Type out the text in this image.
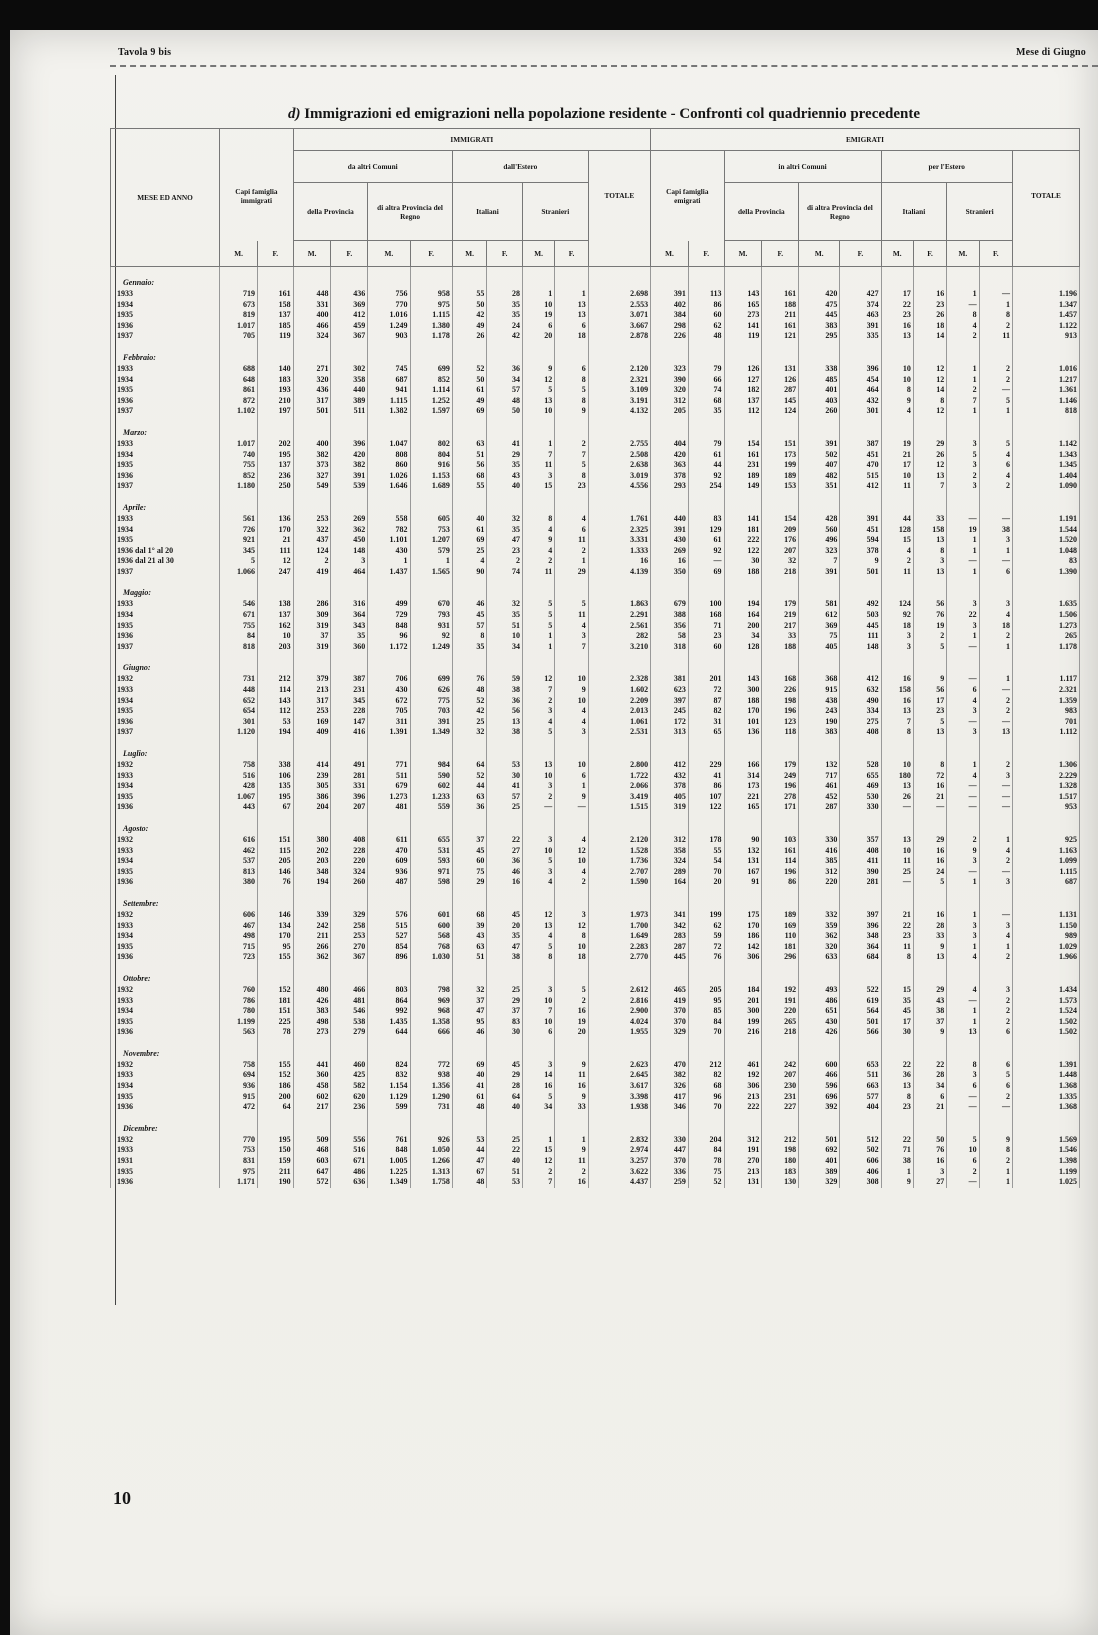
Tavola 9 bis	Mese di Giugno
d) Immigrazioni ed emigrazioni nella popolazione residente - Confronti col quadriennio precedente
MESE ED ANNO			IMMIGRATI									EMIGRATI										
	Capi famiglia immigrati		da altri Comuni				dall'Estero				TOTALE	Capi famiglia emigrati		in altri Comuni				per l'Estero				TOTALE
			della Provincia		di altra Provincia del Regno		Italiani		Stranieri					della Provincia		di altra Provincia del Regno		Italiani		Stranieri		
	M.	F.	M.	F.	M.	F.	M.	F.	M.	F.		M.	F.	M.	F.	M.	F.	M.	F.	M.	F.	

Gennaio:																						
1933	719	161	448	436	756	958	55	28	1	1	2.698	391	113	143	161	420	427	17	16	1	—	1.196
1934	673	158	331	369	770	975	50	35	10	13	2.553	402	86	165	188	475	374	22	23	—	1	1.347
1935	819	137	400	412	1.016	1.115	42	35	19	13	3.071	384	60	273	211	445	463	23	26	8	8	1.457
1936	1.017	185	466	459	1.249	1.380	49	24	6	6	3.667	298	62	141	161	383	391	16	18	4	2	1.122
1937	705	119	324	367	903	1.178	26	42	20	18	2.878	226	48	119	121	295	335	13	14	2	11	913

Febbraio:																						
1933	688	140	271	302	745	699	52	36	9	6	2.120	323	79	126	131	338	396	10	12	1	2	1.016
1934	648	183	320	358	687	852	50	34	12	8	2.321	390	66	127	126	485	454	10	12	1	2	1.217
1935	861	193	436	440	941	1.114	61	57	5	5	3.109	320	74	182	287	401	464	8	14	2	—	1.361
1936	872	210	317	389	1.115	1.252	49	48	13	8	3.191	312	68	137	145	403	432	9	8	7	5	1.146
1937	1.102	197	501	511	1.382	1.597	69	50	10	9	4.132	205	35	112	124	260	301	4	12	1	1	818

Marzo:																						
1933	1.017	202	400	396	1.047	802	63	41	1	2	2.755	404	79	154	151	391	387	19	29	3	5	1.142
1934	740	195	382	420	808	804	51	29	7	7	2.508	420	61	161	173	502	451	21	26	5	4	1.343
1935	755	137	373	382	860	916	56	35	11	5	2.638	363	44	231	199	407	470	17	12	3	6	1.345
1936	852	236	327	391	1.026	1.153	68	43	3	8	3.019	378	92	189	189	482	515	10	13	2	4	1.404
1937	1.180	250	549	539	1.646	1.689	55	40	15	23	4.556	293	254	149	153	351	412	11	7	3	2	1.090

Aprile:																						
1933	561	136	253	269	558	605	40	32	8	4	1.761	440	83	141	154	428	391	44	33	—	—	1.191
1934	726	170	322	362	782	753	61	35	4	6	2.325	391	129	181	209	560	451	128	158	19	38	1.544
1935	921	21	437	450	1.101	1.207	69	47	9	11	3.331	430	61	222	176	496	594	15	13	1	3	1.520
1936 dal 1° al 20	345	111	124	148	430	579	25	23	4	2	1.333	269	92	122	207	323	378	4	8	1	1	1.048
1936 dal 21 al 30	5	12	2	3	1	1	4	2	2	1	16	16	—	30	32	7	9	2	3	—	—	83
1937	1.066	247	419	464	1.437	1.565	90	74	11	29	4.139	350	69	188	218	391	501	11	13	1	6	1.390

Maggio:																						
1933	546	138	286	316	499	670	46	32	5	5	1.863	679	100	194	179	581	492	124	56	3	3	1.635
1934	671	137	309	364	729	793	45	35	5	11	2.291	388	168	164	219	612	503	92	76	22	4	1.506
1935	755	162	319	343	848	931	57	51	5	4	2.561	356	71	200	217	369	445	18	19	3	18	1.273
1936	84	10	37	35	96	92	8	10	1	3	282	58	23	34	33	75	111	3	2	1	2	265
1937	818	203	319	360	1.172	1.249	35	34	1	7	3.210	318	60	128	188	405	148	3	5	—	1	1.178

Giugno:																						
1932	731	212	379	387	706	699	76	59	12	10	2.328	381	201	143	168	368	412	16	9	—	1	1.117
1933	448	114	213	231	430	626	48	38	7	9	1.602	623	72	300	226	915	632	158	56	6	—	2.321
1934	652	143	317	345	672	775	52	36	2	10	2.209	397	87	188	198	438	490	16	17	4	2	1.359
1935	654	112	253	228	705	703	42	56	3	4	2.013	245	82	170	196	243	334	13	23	3	2	983
1936	301	53	169	147	311	391	25	13	4	4	1.061	172	31	101	123	190	275	7	5	—	—	701
1937	1.120	194	409	416	1.391	1.349	32	38	5	3	2.531	313	65	136	118	383	408	8	13	3	13	1.112

Luglio:																						
1932	758	338	414	491	771	984	64	53	13	10	2.800	412	229	166	179	132	528	10	8	1	2	1.306
1933	516	106	239	281	511	590	52	30	10	6	1.722	432	41	314	249	717	655	180	72	4	3	2.229
1934	428	135	305	331	679	602	44	41	3	1	2.066	378	86	173	196	461	469	13	16	—	—	1.328
1935	1.067	195	386	396	1.273	1.233	63	57	2	9	3.419	405	107	221	278	452	530	26	21	—	—	1.517
1936	443	67	204	207	481	559	36	25	—	—	1.515	319	122	165	171	287	330	—	—	—	—	953

Agosto:																						
1932	616	151	380	408	611	655	37	22	3	4	2.120	312	178	90	103	330	357	13	29	2	1	925
1933	462	115	202	228	470	531	45	27	10	12	1.528	358	55	132	161	416	408	10	16	9	4	1.163
1934	537	205	203	220	609	593	60	36	5	10	1.736	324	54	131	114	385	411	11	16	3	2	1.099
1935	813	146	348	324	936	971	75	46	3	4	2.707	289	70	167	196	312	390	25	24	—	—	1.115
1936	380	76	194	260	487	598	29	16	4	2	1.590	164	20	91	86	220	281	—	5	1	3	687

Settembre:																						
1932	606	146	339	329	576	601	68	45	12	3	1.973	341	199	175	189	332	397	21	16	1	—	1.131
1933	467	134	242	258	515	600	39	20	13	12	1.700	342	62	170	169	359	396	22	28	3	3	1.150
1934	498	170	211	253	527	568	43	35	4	8	1.649	283	59	186	110	362	348	23	33	3	4	989
1935	715	95	266	270	854	768	63	47	5	10	2.283	287	72	142	181	320	364	11	9	1	1	1.029
1936	723	155	362	367	896	1.030	51	38	8	18	2.770	445	76	306	296	633	684	8	13	4	2	1.966

Ottobre:																						
1932	760	152	480	466	803	798	32	25	3	5	2.612	465	205	184	192	493	522	15	29	4	3	1.434
1933	786	181	426	481	864	969	37	29	10	2	2.816	419	95	201	191	486	619	35	43	—	2	1.573
1934	780	151	383	546	992	968	47	37	7	16	2.900	370	85	300	220	651	564	45	38	1	2	1.524
1935	1.199	225	498	538	1.435	1.358	95	83	10	19	4.024	370	84	199	265	430	501	17	37	1	2	1.502
1936	563	78	273	279	644	666	46	30	6	20	1.955	329	70	216	218	426	566	30	9	13	6	1.502

Novembre:																						
1932	758	155	441	460	824	772	69	45	3	9	2.623	470	212	461	242	600	653	22	22	8	6	1.391
1933	694	152	360	425	832	938	40	29	14	11	2.645	382	82	192	207	466	511	36	28	3	5	1.448
1934	936	186	458	582	1.154	1.356	41	28	16	16	3.617	326	68	306	230	596	663	13	34	6	6	1.368
1935	915	200	602	620	1.129	1.290	61	64	5	9	3.398	417	96	213	231	696	577	8	6	—	2	1.335
1936	472	64	217	236	599	731	48	40	34	33	1.938	346	70	222	227	392	404	23	21	—	—	1.368

Dicembre:																						
1932	770	195	509	556	761	926	53	25	1	1	2.832	330	204	312	212	501	512	22	50	5	9	1.569
1933	753	150	468	516	848	1.050	44	22	15	9	2.974	447	84	191	198	692	502	71	76	10	8	1.546
1931	831	159	603	671	1.005	1.266	47	40	12	11	3.257	370	78	270	180	401	606	38	16	6	2	1.398
1935	975	211	647	486	1.225	1.313	67	51	2	2	3.622	336	75	213	183	389	406	1	3	2	1	1.199
1936	1.171	190	572	636	1.349	1.758	48	53	7	16	4.437	259	52	131	130	329	308	9	27	—	1	1.025
10
